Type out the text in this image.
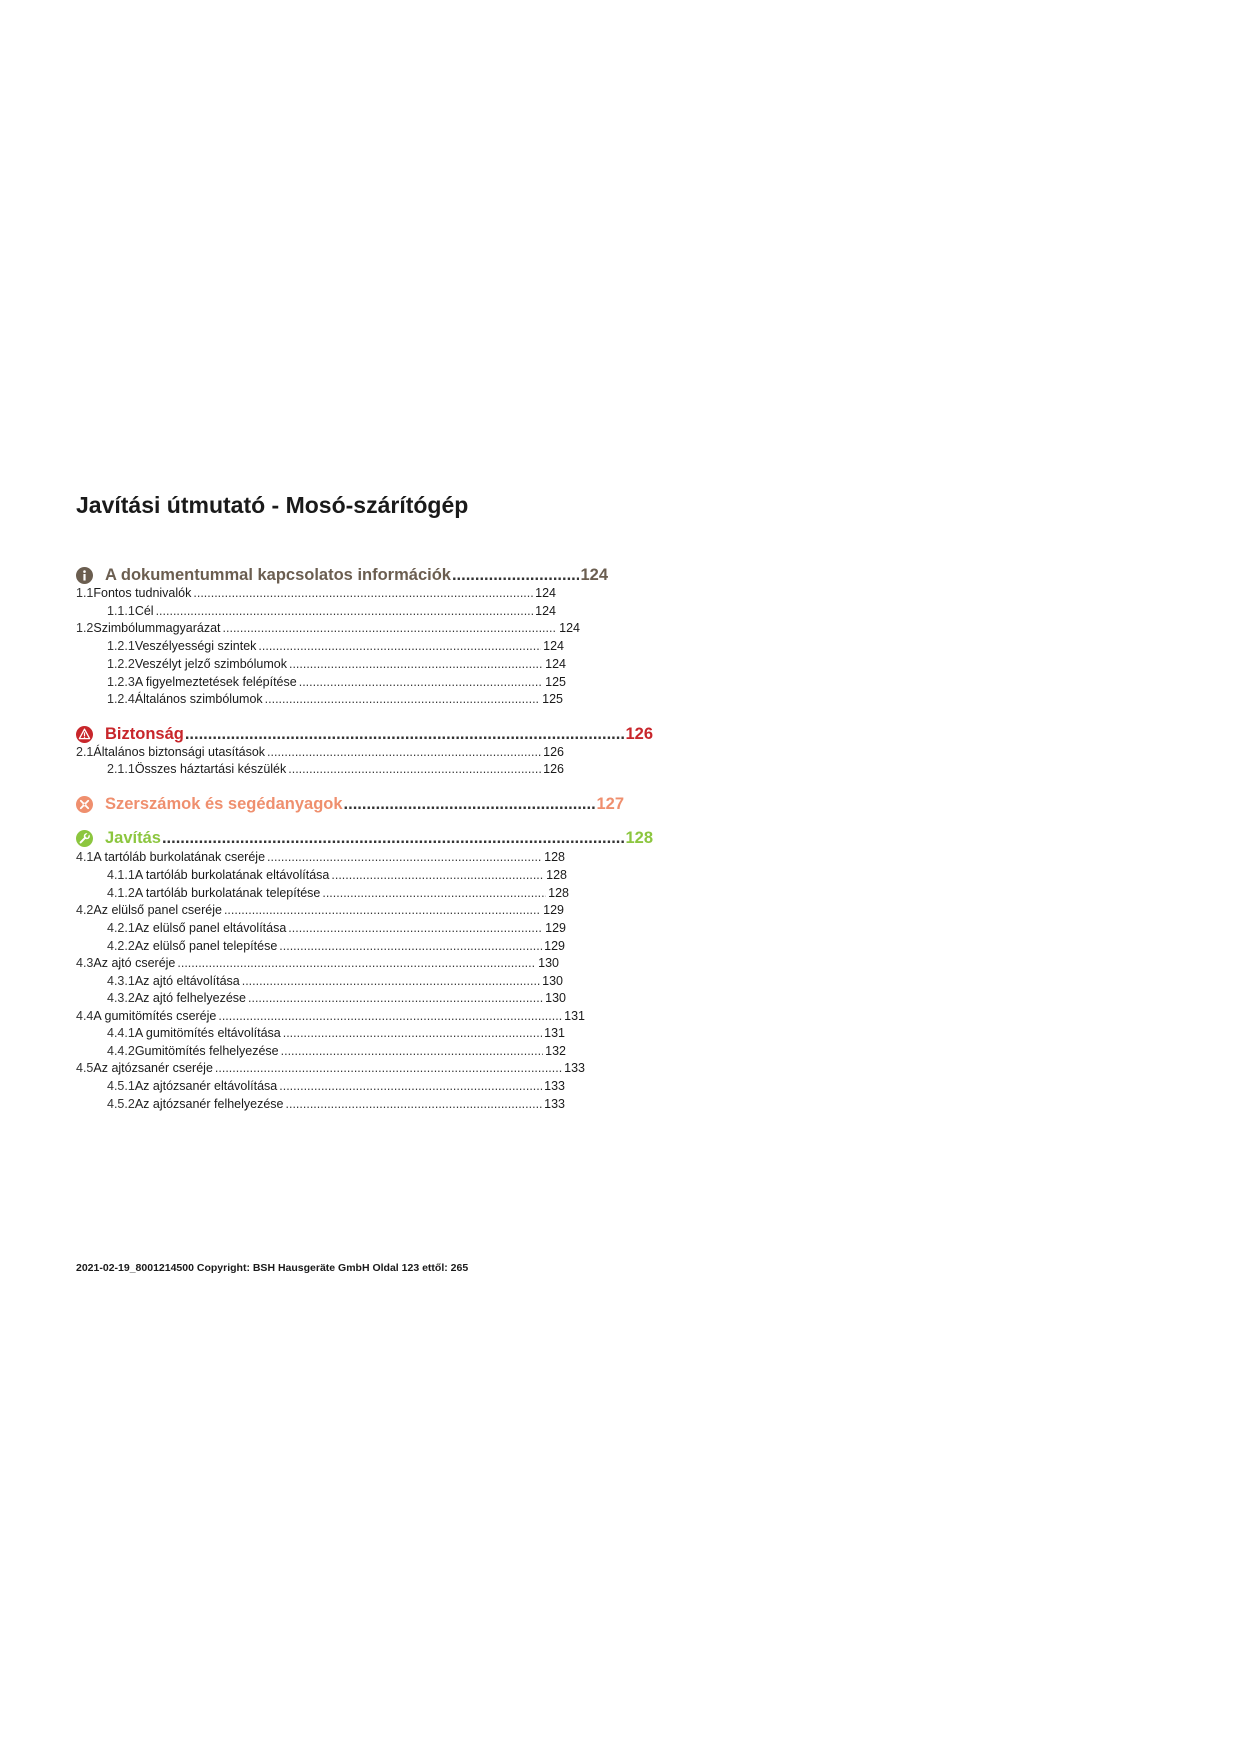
Javítási útmutató - Mosó-szárítógép
A dokumentummal kapcsolatos információk .....	124
1.1 Fontos tudnivalók .....	124
1.1.1 Cél .....	124
1.2 Szimbólummagyarázat .....	124
1.2.1 Veszélyességi szintek .....	124
1.2.2 Veszélyt jelző szimbólumok .....	124
1.2.3 A figyelmeztetések felépítése .....	125
1.2.4 Általános szimbólumok .....	125
Biztonság .....	126
2.1 Általános biztonsági utasítások .....	126
2.1.1 Összes háztartási készülék .....	126
Szerszámok és segédanyagok .....	127
Javítás .....	128
4.1 A tartóláb burkolatának cseréje .....	128
4.1.1 A tartóláb burkolatának eltávolítása .....	128
4.1.2 A tartóláb burkolatának telepítése .....	128
4.2 Az elülső panel cseréje .....	129
4.2.1 Az elülső panel eltávolítása .....	129
4.2.2 Az elülső panel telepítése .....	129
4.3 Az ajtó cseréje .....	130
4.3.1 Az ajtó eltávolítása .....	130
4.3.2 Az ajtó felhelyezése .....	130
4.4 A gumitömítés cseréje .....	131
4.4.1 A gumitömítés eltávolítása .....	131
4.4.2 Gumitömítés felhelyezése .....	132
4.5 Az ajtózsanér cseréje .....	133
4.5.1 Az ajtózsanér eltávolítása .....	133
4.5.2 Az ajtózsanér felhelyezése .....	133
2021-02-19_8001214500 Copyright: BSH Hausgeräte GmbH Oldal 123 ettől: 265
